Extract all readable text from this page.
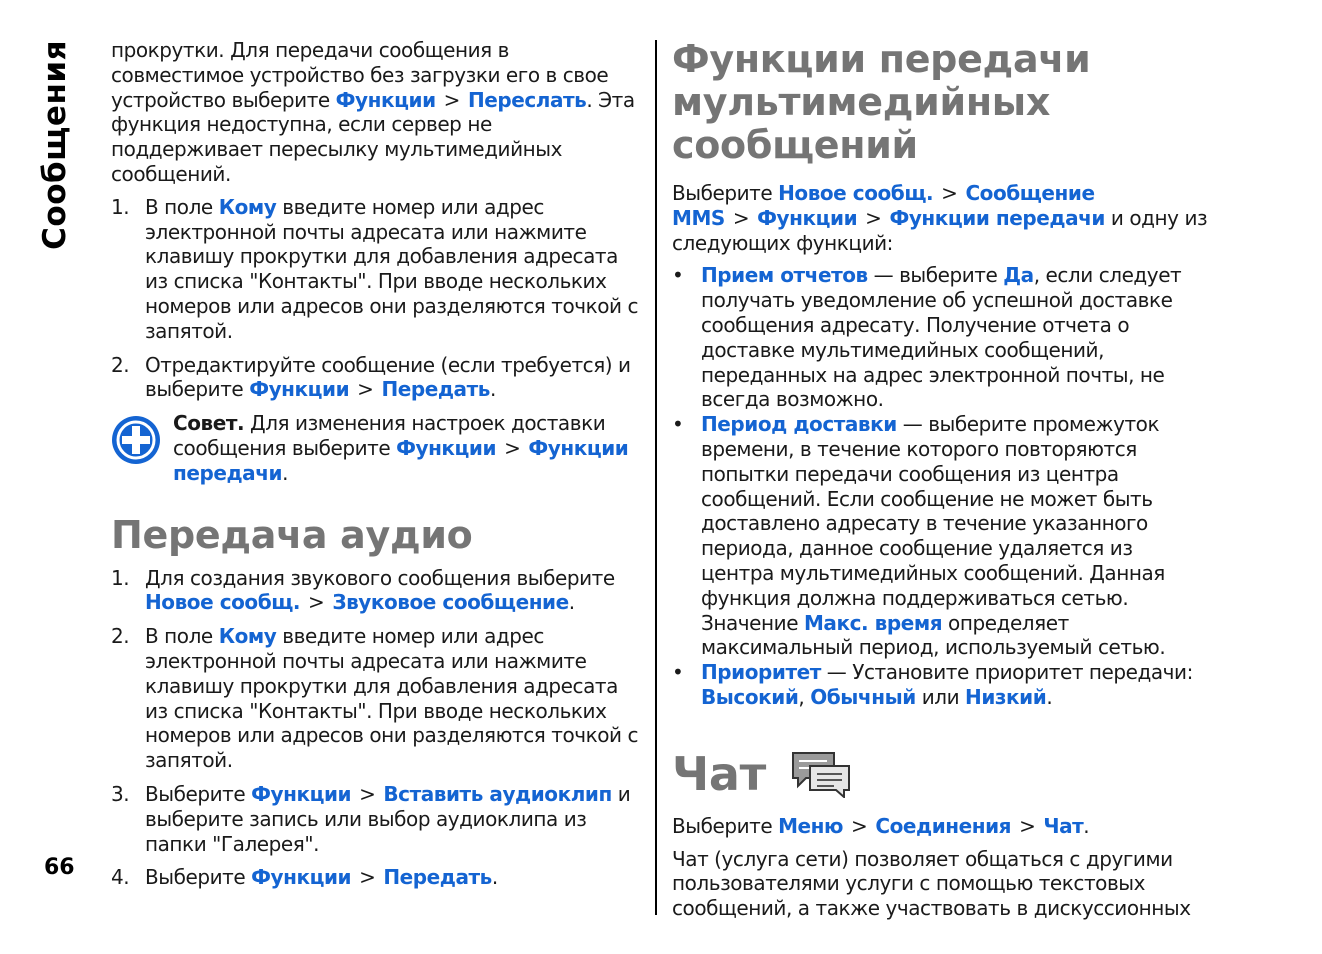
Сообщения
66

прокрутки. Для передачи сообщения в совместимое устройство без загрузки его в свое устройство выберите Функции > Переслать. Эта функция недоступна, если сервер не поддерживает пересылку мультимедийных сообщений.

1. В поле Кому введите номер или адрес электронной почты адресата или нажмите клавишу прокрутки для добавления адресата из списка "Контакты". При вводе нескольких номеров или адресов они разделяются точкой с запятой.
2. Отредактируйте сообщение (если требуется) и выберите Функции > Передать.

Совет. Для изменения настроек доставки сообщения выберите Функции > Функции передачи.

Передача аудио
1. Для создания звукового сообщения выберите Новое сообщ. > Звуковое сообщение.
2. В поле Кому введите номер или адрес электронной почты адресата или нажмите клавишу прокрутки для добавления адресата из списка "Контакты". При вводе нескольких номеров или адресов они разделяются точкой с запятой.
3. Выберите Функции > Вставить аудиоклип и выберите запись или выбор аудиоклипа из папки "Галерея".
4. Выберите Функции > Передать.
Функции передачи мультимедийных сообщений

Выберите Новое сообщ. > Сообщение MMS > Функции > Функции передачи и одну из следующих функций:

• Прием отчетов — выберите Да, если следует получать уведомление об успешной доставке сообщения адресату. Получение отчета о доставке мультимедийных сообщений, переданных на адрес электронной почты, не всегда возможно.
• Период доставки — выберите промежуток времени, в течение которого повторяются попытки передачи сообщения из центра сообщений. Если сообщение не может быть доставлено адресату в течение указанного периода, данное сообщение удаляется из центра мультимедийных сообщений. Данная функция должна поддерживаться сетью. Значение Макс. время определяет максимальный период, используемый сетью.
• Приоритет — Установите приоритет передачи: Высокий, Обычный или Низкий.
Чат

Выберите Меню > Соединения > Чат.

Чат (услуга сети) позволяет общаться с другими пользователями услуги с помощью текстовых сообщений, а также участвовать в дискуссионных
